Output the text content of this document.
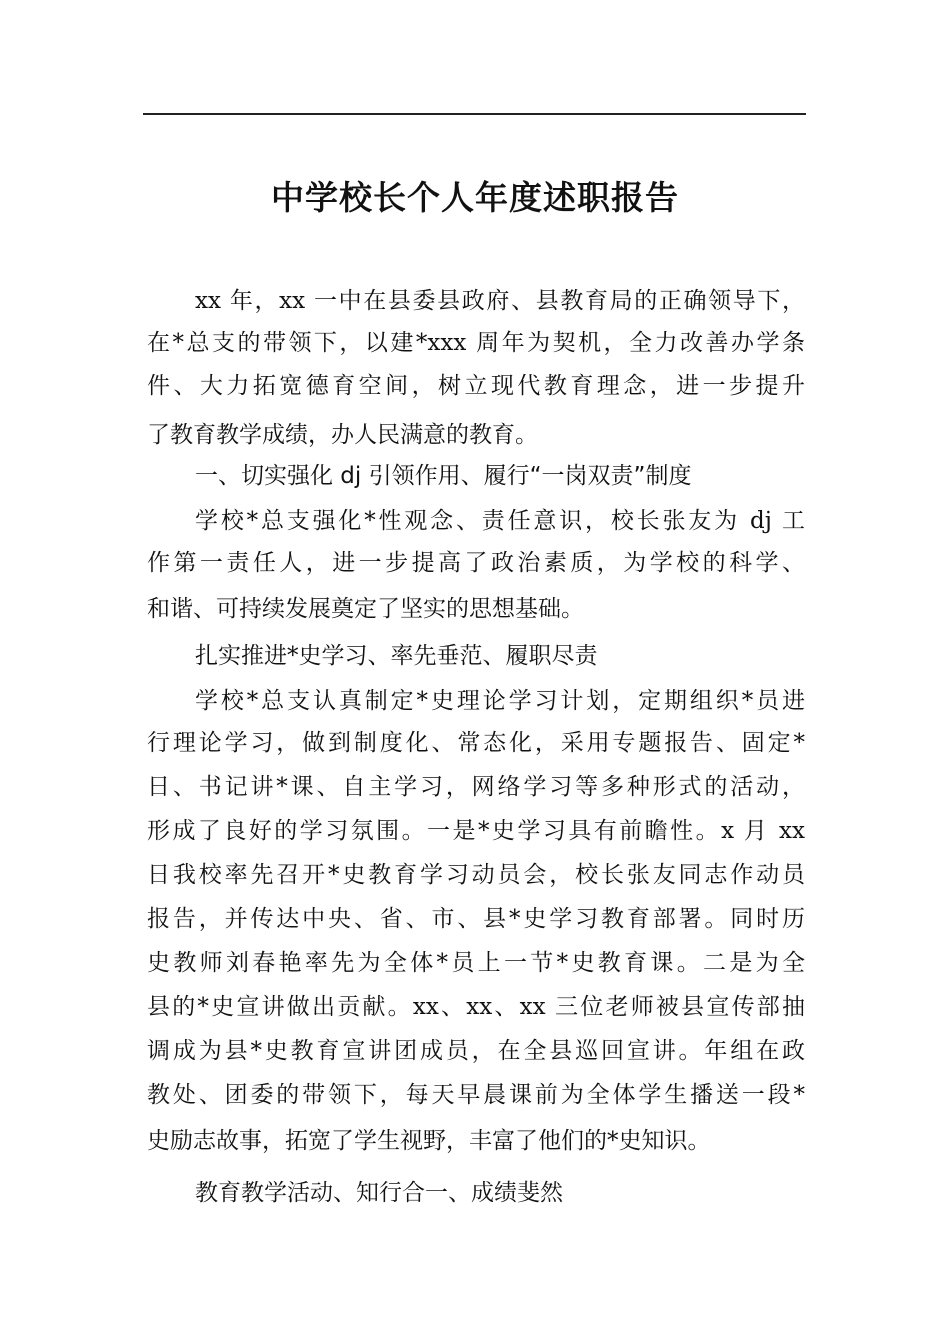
中学校长个人年度述职报告
xx 年，xx 一中在县委县政府、县教育局的正确领导下，
在*总支的带领下，以建*xxx 周年为契机，全力改善办学条
件、大力拓宽德育空间，树立现代教育理念，进一步提升
了教育教学成绩，办人民满意的教育。
一、切实强化 dj 引领作用、履行“一岗双责”制度
学校*总支强化*性观念、责任意识，校长张友为 dj 工
作第一责任人，进一步提高了政治素质，为学校的科学、
和谐、可持续发展奠定了坚实的思想基础。
扎实推进*史学习、率先垂范、履职尽责
学校*总支认真制定*史理论学习计划，定期组织*员进
行理论学习，做到制度化、常态化，采用专题报告、固定*
日、书记讲*课、自主学习，网络学习等多种形式的活动，
形成了良好的学习氛围。一是*史学习具有前瞻性。x 月 xx
日我校率先召开*史教育学习动员会，校长张友同志作动员
报告，并传达中央、省、市、县*史学习教育部署。同时历
史教师刘春艳率先为全体*员上一节*史教育课。二是为全
县的*史宣讲做出贡献。xx、xx、xx 三位老师被县宣传部抽
调成为县*史教育宣讲团成员，在全县巡回宣讲。年组在政
教处、团委的带领下，每天早晨课前为全体学生播送一段*
史励志故事，拓宽了学生视野，丰富了他们的*史知识。
教育教学活动、知行合一、成绩斐然
